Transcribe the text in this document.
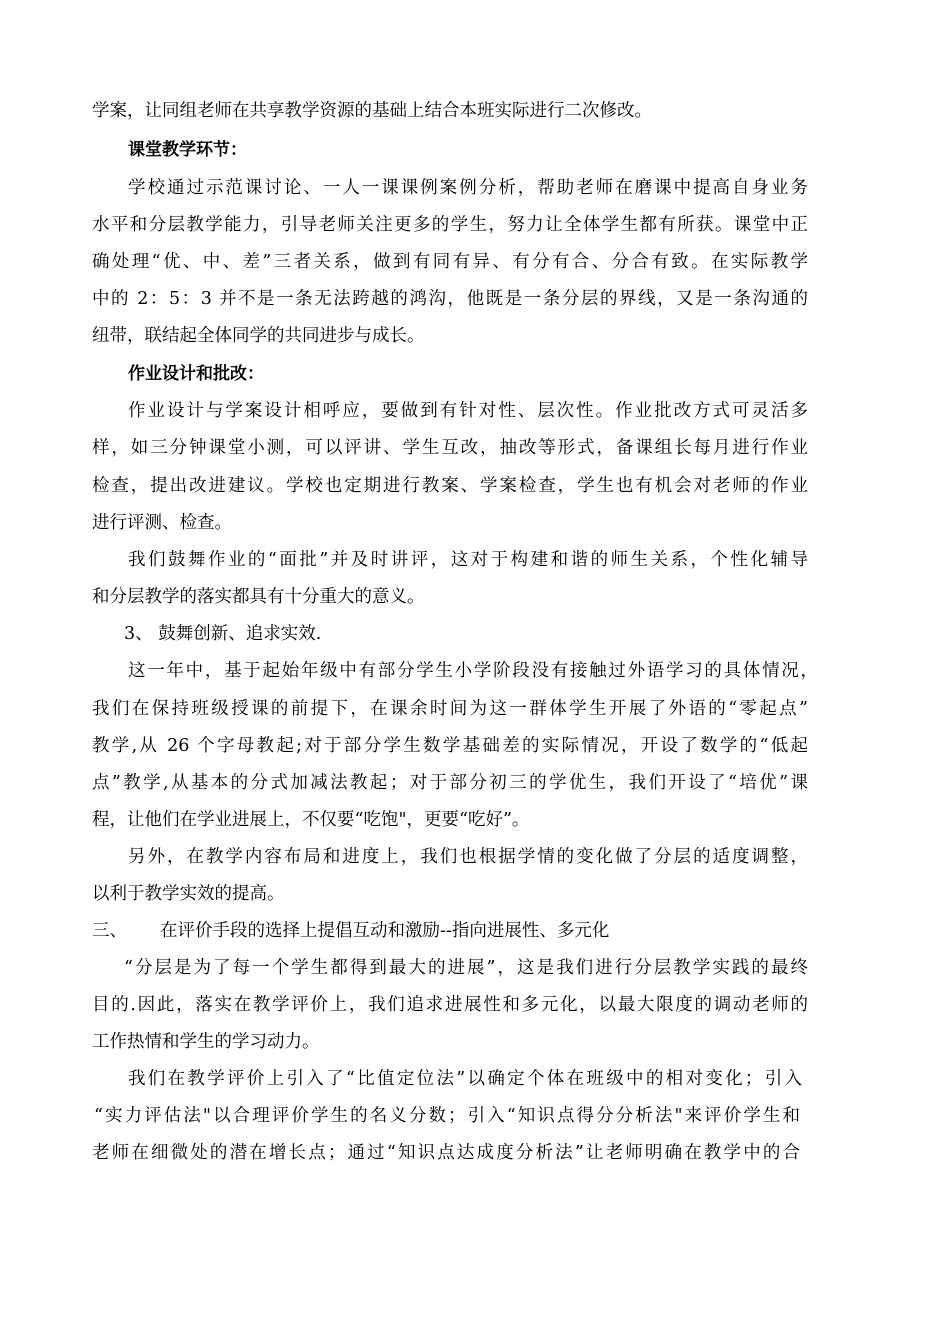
学案，让同组老师在共享教学资源的基础上结合本班实际进行二次修改。
课堂教学环节：
学校通过示范课讨论、一人一课课例案例分析，帮助老师在磨课中提高自身业务
水平和分层教学能力，引导老师关注更多的学生，努力让全体学生都有所获。课堂中正
确处理“优、中、差”三者关系，做到有同有异、有分有合、分合有致。在实际教学
中的 2：5：3 并不是一条无法跨越的鸿沟，他既是一条分层的界线，又是一条沟通的
纽带，联结起全体同学的共同进步与成长。
作业设计和批改：
作业设计与学案设计相呼应，要做到有针对性、层次性。作业批改方式可灵活多
样，如三分钟课堂小测，可以评讲、学生互改，抽改等形式，备课组长每月进行作业
检查，提出改进建议。学校也定期进行教案、学案检查，学生也有机会对老师的作业
进行评测、检查。
我们鼓舞作业的“面批”并及时讲评，这对于构建和谐的师生关系，个性化辅导
和分层教学的落实都具有十分重大的意义。
3、 鼓舞创新、追求实效.
这一年中，基于起始年级中有部分学生小学阶段没有接触过外语学习的具体情况，
我们在保持班级授课的前提下，在课余时间为这一群体学生开展了外语的“零起点”
教学,从 26 个字母教起;对于部分学生数学基础差的实际情况，开设了数学的“低起
点”教学,从基本的分式加减法教起；对于部分初三的学优生，我们开设了“培优”课
程，让他们在学业进展上，不仅要“吃饱"，更要“吃好”。
另外，在教学内容布局和进度上，我们也根据学情的变化做了分层的适度调整，
以利于教学实效的提高。
三、 在评价手段的选择上提倡互动和激励--指向进展性、多元化
“分层是为了每一个学生都得到最大的进展”，这是我们进行分层教学实践的最终
目的.因此，落实在教学评价上，我们追求进展性和多元化，以最大限度的调动老师的
工作热情和学生的学习动力。
我们在教学评价上引入了“比值定位法”以确定个体在班级中的相对变化；引入
“实力评估法"以合理评价学生的名义分数；引入“知识点得分分析法"来评价学生和
老师在细微处的潜在增长点；通过“知识点达成度分析法”让老师明确在教学中的合
